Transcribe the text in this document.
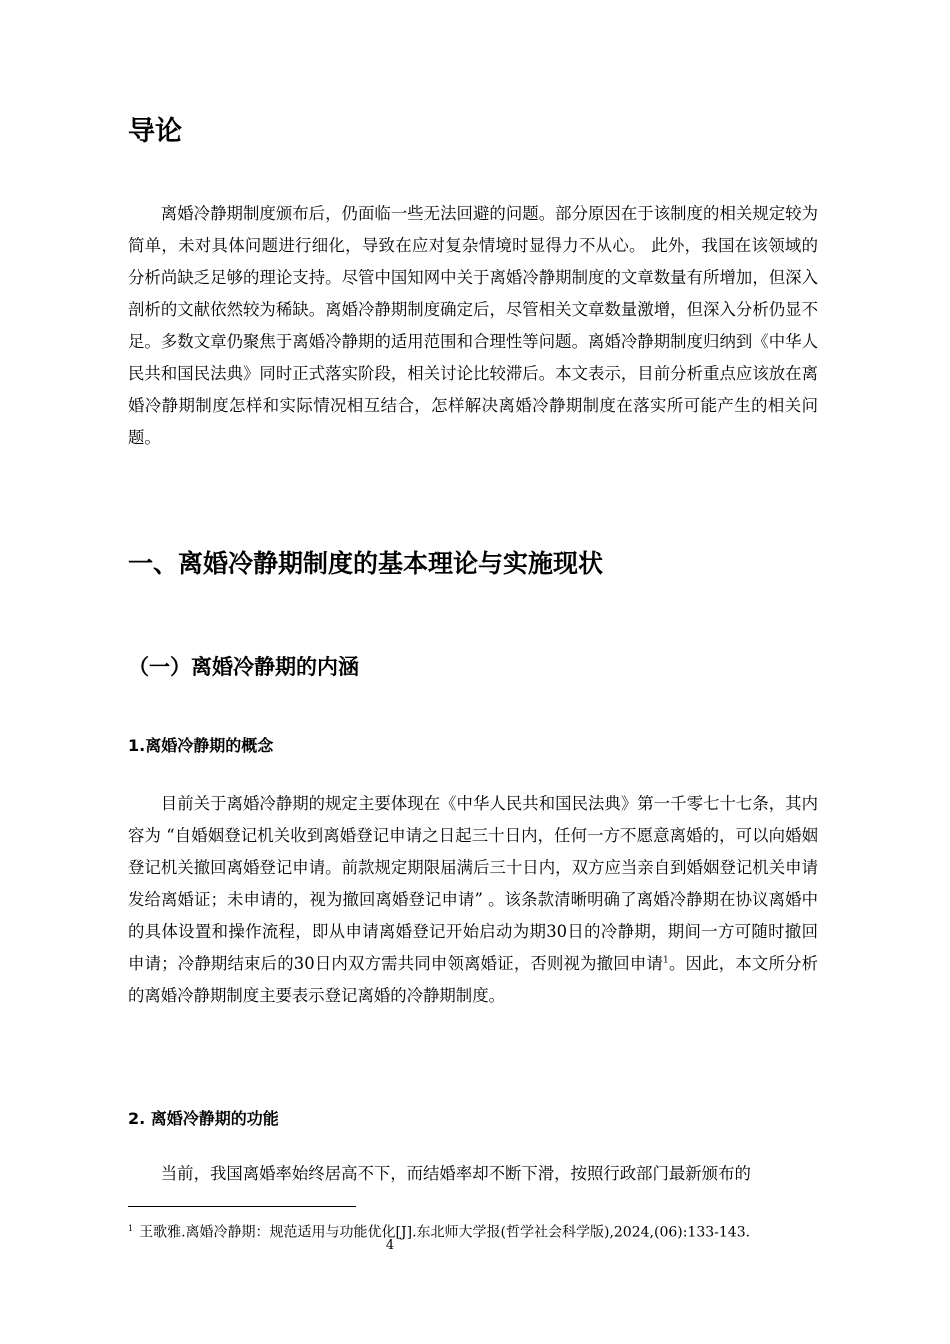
导论

离婚冷静期制度颁布后，仍面临一些无法回避的问题。部分原因在于该制度的相关规定较为简单，未对具体问题进行细化，导致在应对复杂情境时显得力不从心。 此外，我国在该领域的分析尚缺乏足够的理论支持。尽管中国知网中关于离婚冷静期制度的文章数量有所增加，但深入剖析的文献依然较为稀缺。离婚冷静期制度确定后，尽管相关文章数量激增，但深入分析仍显不足。多数文章仍聚焦于离婚冷静期的适用范围和合理性等问题。离婚冷静期制度归纳到《中华人民共和国民法典》同时正式落实阶段，相关讨论比较滞后。本文表示，目前分析重点应该放在离婚冷静期制度怎样和实际情况相互结合，怎样解决离婚冷静期制度在落实所可能产生的相关问题。

一、离婚冷静期制度的基本理论与实施现状
（一）离婚冷静期的内涵
1.离婚冷静期的概念

目前关于离婚冷静期的规定主要体现在《中华人民共和国民法典》第一千零七十七条，其内容为 “自婚姻登记机关收到离婚登记申请之日起三十日内，任何一方不愿意离婚的，可以向婚姻登记机关撤回离婚登记申请。前款规定期限届满后三十日内，双方应当亲自到婚姻登记机关申请发给离婚证；未申请的，视为撤回离婚登记申请” 。该条款清晰明确了离婚冷静期在协议离婚中的具体设置和操作流程，即从申请离婚登记开始启动为期30日的冷静期，期间一方可随时撤回申请；冷静期结束后的30日内双方需共同申领离婚证，否则视为撤回申请$^1$。因此，本文所分析的离婚冷静期制度主要表示登记离婚的冷静期制度。

2. 离婚冷静期的功能

当前，我国离婚率始终居高不下，而结婚率却不断下滑，按照行政部门最新颁布的

$^1$ 王歌雅.离婚冷静期：规范适用与功能优化[J].东北师大学报(哲学社会科学版),2024,(06):133-143.

4
